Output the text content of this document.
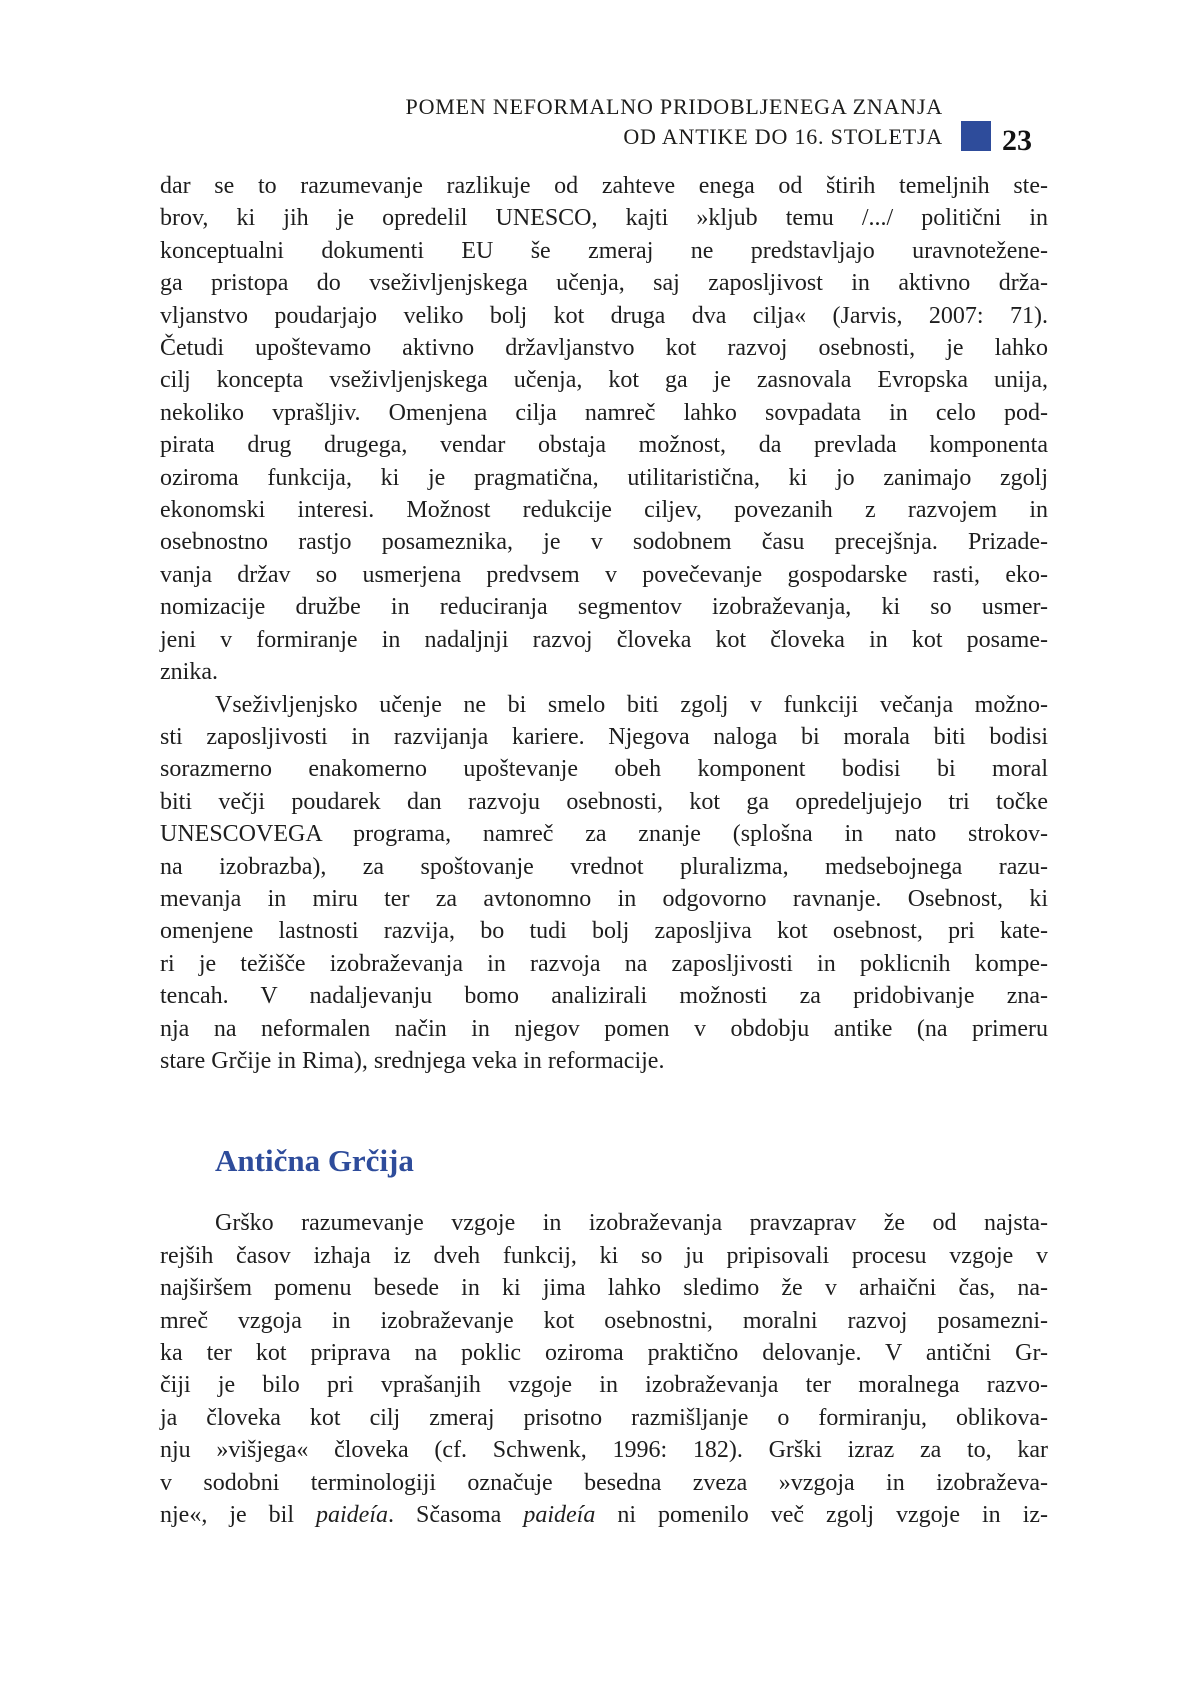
POMEN NEFORMALNO PRIDOBLJENEGA ZNANJA
OD ANTIKE DO 16. STOLETJA 23
dar se to razumevanje razlikuje od zahteve enega od štirih temeljnih ste-
brov, ki jih je opredelil UNESCO, kajti »kljub temu /.../ politični in
konceptualni dokumenti EU še zmeraj ne predstavljajo uravnotežene-
ga pristopa do vseživljenjskega učenja, saj zaposljivost in aktivno drža-
vljanstvo poudarjajo veliko bolj kot druga dva cilja« (Jarvis, 2007: 71).
Četudi upoštevamo aktivno državljanstvo kot razvoj osebnosti, je lahko
cilj koncepta vseživljenjskega učenja, kot ga je zasnovala Evropska unija,
nekoliko vprašljiv. Omenjena cilja namreč lahko sovpadata in celo pod-
pirata drug drugega, vendar obstaja možnost, da prevlada komponenta
oziroma funkcija, ki je pragmatična, utilitaristična, ki jo zanimajo zgolj
ekonomski interesi. Možnost redukcije ciljev, povezanih z razvojem in
osebnostno rastjo posameznika, je v sodobnem času precejšnja. Prizade-
vanja držav so usmerjena predvsem v povečevanje gospodarske rasti, eko-
nomizacije družbe in reduciranja segmentov izobraževanja, ki so usmer-
jeni v formiranje in nadaljnji razvoj človeka kot človeka in kot posame-
znika.
Vseživljenjsko učenje ne bi smelo biti zgolj v funkciji večanja možno-
sti zaposljivosti in razvijanja kariere. Njegova naloga bi morala biti bodisi
sorazmerno enakomerno upoštevanje obeh komponent bodisi bi moral
biti večji poudarek dan razvoju osebnosti, kot ga opredeljujejo tri točke
UNESCOVEGA programa, namreč za znanje (splošna in nato strokov-
na izobrazba), za spoštovanje vrednot pluralizma, medsebojnega razu-
mevanja in miru ter za avtonomno in odgovorno ravnanje. Osebnost, ki
omenjene lastnosti razvija, bo tudi bolj zaposljiva kot osebnost, pri kate-
ri je težišče izobraževanja in razvoja na zaposljivosti in poklicnih kompe-
tencah. V nadaljevanju bomo analizirali možnosti za pridobivanje zna-
nja na neformalen način in njegov pomen v obdobju antike (na primeru
stare Grčije in Rima), srednjega veka in reformacije.
Antična Grčija
Grško razumevanje vzgoje in izobraževanja pravzaprav že od najsta-
rejših časov izhaja iz dveh funkcij, ki so ju pripisovali procesu vzgoje v
najširšem pomenu besede in ki jima lahko sledimo že v arhaični čas, na-
mreč vzgoja in izobraževanje kot osebnostni, moralni razvoj posamezni-
ka ter kot priprava na poklic oziroma praktično delovanje. V antični Gr-
čiji je bilo pri vprašanjih vzgoje in izobraževanja ter moralnega razvo-
ja človeka kot cilj zmeraj prisotno razmišljanje o formiranju, oblikova-
nju »višjega« človeka (cf. Schwenk, 1996: 182). Grški izraz za to, kar
v sodobni terminologiji označuje besedna zveza »vzgoja in izobraževa-
nje«, je bil paideía. Sčasoma paideía ni pomenilo več zgolj vzgoje in iz-
